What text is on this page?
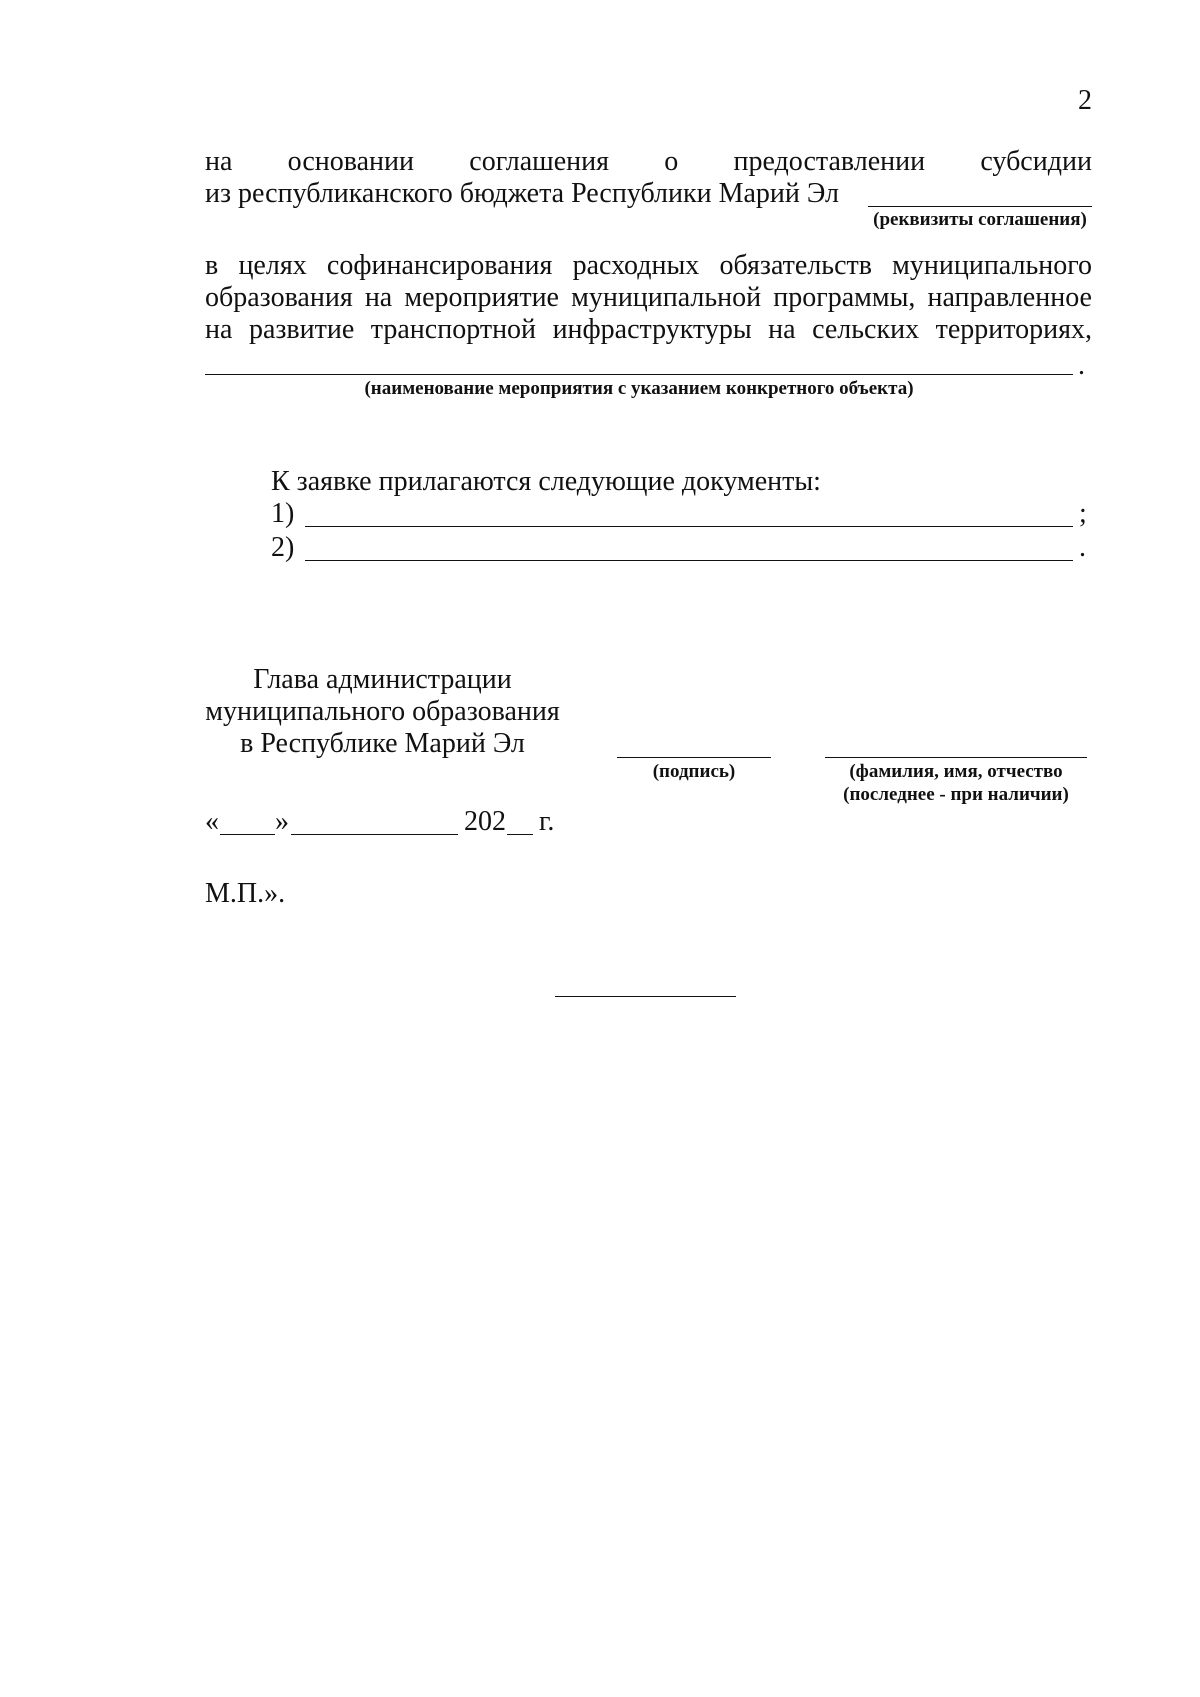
2
на основании соглашения о предоставлении субсидии
из республиканского бюджета Республики Марий Эл
(реквизиты соглашения)
в целях софинансирования расходных обязательств муниципального
образования на мероприятие муниципальной программы, направленное
на развитие транспортной инфраструктуры на сельских территориях,
.
(наименование мероприятия с указанием конкретного объекта)
К заявке прилагаются следующие документы:
1)	;
2)	.
Глава администрации
муниципального образования
в Республике Марий Эл
(подпись)	(фамилия, имя, отчество
(последнее - при наличии)
« »	202 г.
М.П.».
